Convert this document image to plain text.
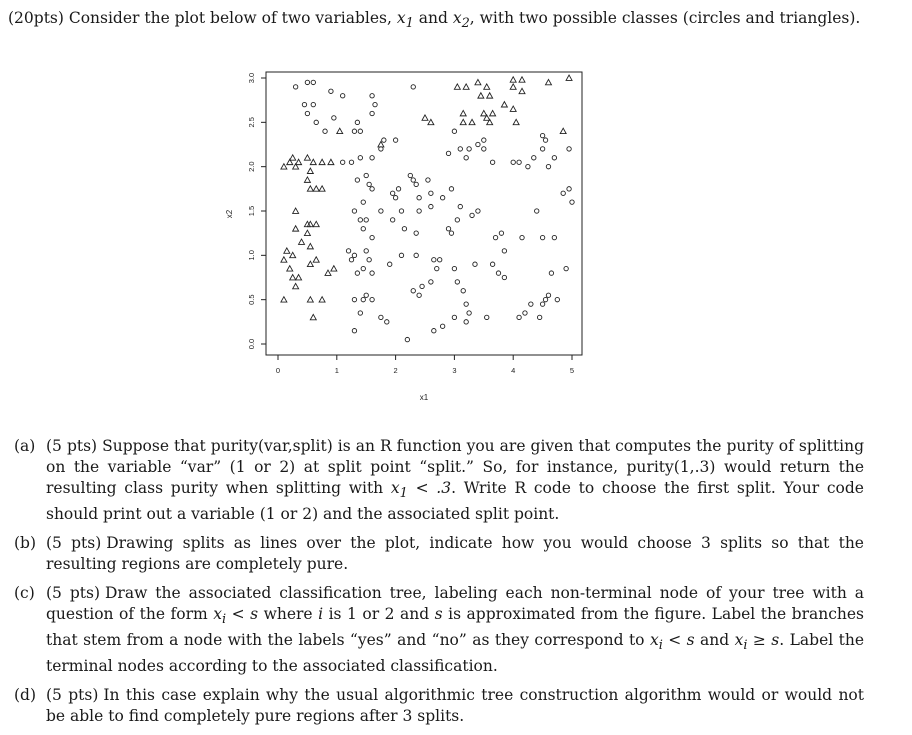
(20pts) Consider the plot below of two variables, $x_1$ and $x_2$, with two possible classes (circles and triangles).
0	1	2	3	4	5
0.0
0.5
1.0
1.5
2.0
2.5
3.0
x1
x2
(a) (5 pts) Suppose that purity(var,split) is an R function you are given that computes the purity of splitting on the variable “var” (1 or 2) at split point “split.” So, for instance, purity(1,.3) would return the resulting class purity when splitting with $x_1 < .3$. Write R code to choose the first split. Your code should print out a variable (1 or 2) and the associated split point.
(b) (5 pts) Drawing splits as lines over the plot, indicate how you would choose 3 splits so that the resulting regions are completely pure.
(c) (5 pts) Draw the associated classification tree, labeling each non-terminal node of your tree with a question of the form $x_i < s$ where i is 1 or 2 and s is approximated from the figure. Label the branches that stem from a node with the labels “yes” and “no” as they correspond to $x_i < s$ and $x_i \ge s$. Label the terminal nodes according to the associated classification.
(d) (5 pts) In this case explain why the usual algorithmic tree construction algorithm would or would not be able to find completely pure regions after 3 splits.
